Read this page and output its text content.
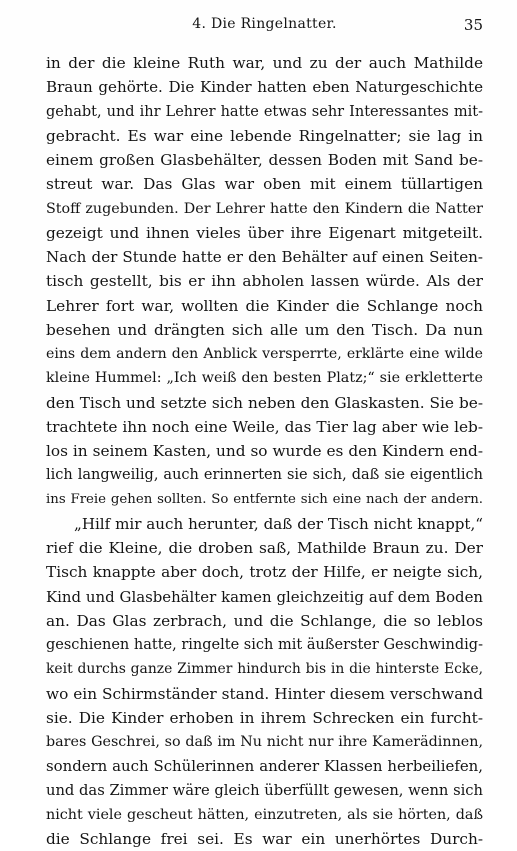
4. Die Ringelnatter.	35
in der die kleine Ruth war, und zu der auch Mathilde
Braun gehörte. Die Kinder hatten eben Naturgeschichte
gehabt, und ihr Lehrer hatte etwas sehr Interessantes mit-
gebracht. Es war eine lebende Ringelnatter; sie lag in
einem großen Glasbehälter, dessen Boden mit Sand be-
streut war. Das Glas war oben mit einem tüllartigen
Stoff zugebunden. Der Lehrer hatte den Kindern die Natter
gezeigt und ihnen vieles über ihre Eigenart mitgeteilt.
Nach der Stunde hatte er den Behälter auf einen Seiten-
tisch gestellt, bis er ihn abholen lassen würde. Als der
Lehrer fort war, wollten die Kinder die Schlange noch
besehen und drängten sich alle um den Tisch. Da nun
eins dem andern den Anblick versperrte, erklärte eine wilde
kleine Hummel: „Ich weiß den besten Platz;“ sie erkletterte
den Tisch und setzte sich neben den Glaskasten. Sie be-
trachtete ihn noch eine Weile, das Tier lag aber wie leb-
los in seinem Kasten, und so wurde es den Kindern end-
lich langweilig, auch erinnerten sie sich, daß sie eigentlich
ins Freie gehen sollten. So entfernte sich eine nach der andern.
„Hilf mir auch herunter, daß der Tisch nicht knappt,“
rief die Kleine, die droben saß, Mathilde Braun zu. Der
Tisch knappte aber doch, trotz der Hilfe, er neigte sich,
Kind und Glasbehälter kamen gleichzeitig auf dem Boden
an. Das Glas zerbrach, und die Schlange, die so leblos
geschienen hatte, ringelte sich mit äußerster Geschwindig-
keit durchs ganze Zimmer hindurch bis in die hinterste Ecke,
wo ein Schirmständer stand. Hinter diesem verschwand
sie. Die Kinder erhoben in ihrem Schrecken ein furcht-
bares Geschrei, so daß im Nu nicht nur ihre Kamerädinnen,
sondern auch Schülerinnen anderer Klassen herbeiliefen,
und das Zimmer wäre gleich überfüllt gewesen, wenn sich
nicht viele gescheut hätten, einzutreten, als sie hörten, daß
die Schlange frei sei. Es war ein unerhörtes Durch-
